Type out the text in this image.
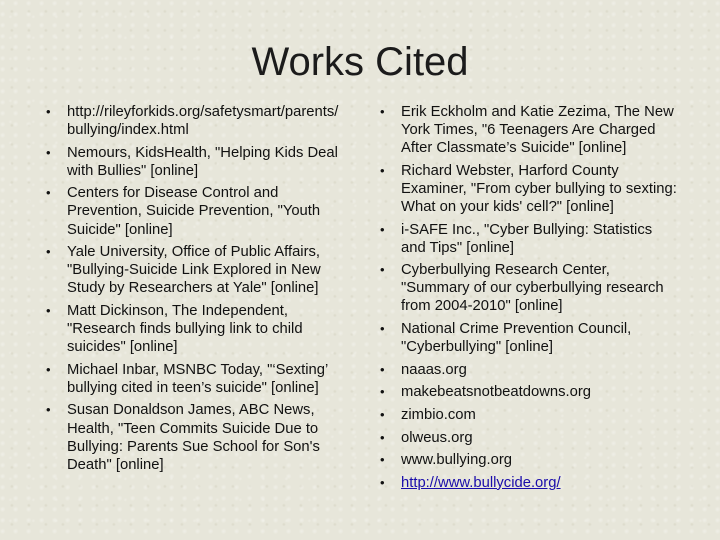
Works Cited
• http://rileyforkids.org/safetysmart/parents/bullying/index.html
• Nemours, KidsHealth, "Helping Kids Deal with Bullies" [online]
• Centers for Disease Control and Prevention, Suicide Prevention, "Youth Suicide" [online]
• Yale University, Office of Public Affairs, "Bullying-Suicide Link Explored in New Study by Researchers at Yale" [online]
• Matt Dickinson, The Independent, "Research finds bullying link to child suicides" [online]
• Michael Inbar, MSNBC Today, "‘Sexting’ bullying cited in teen’s suicide" [online]
• Susan Donaldson James, ABC News, Health, "Teen Commits Suicide Due to Bullying: Parents Sue School for Son's Death" [online]
• Erik Eckholm and Katie Zezima, The New York Times, "6 Teenagers Are Charged After Classmate’s Suicide" [online]
• Richard Webster, Harford County Examiner, "From cyber bullying to sexting: What on your kids' cell?" [online]
• i-SAFE Inc., "Cyber Bullying: Statistics and Tips" [online]
• Cyberbullying Research Center, "Summary of our cyberbullying research from 2004-2010" [online]
• National Crime Prevention Council, "Cyberbullying" [online]
• naaas.org
• makebeatsnotbeatdowns.org
• zimbio.com
• olweus.org
• www.bullying.org
• http://www.bullycide.org/
